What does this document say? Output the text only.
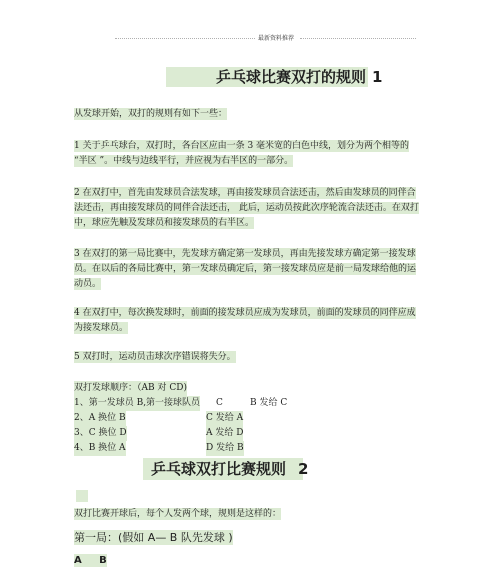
最新资料推荐
乒乓球比赛双打的规则 1
从发球开始，双打的规则有如下一些：
1 关于乒乓球台，双打时，各台区应由一条 3 毫米宽的白色中线，划分为两个相等的 “半区 ”。中线与边线平行，并应视为右半区的一部分。
2 在双打中，首先由发球员合法发球，再由接发球员合法还击，然后由发球员的同伴合法还击，再由接发球员的同伴合法还击， 此后，运动员按此次序轮流合法还击。在双打中，球应先触及发球员和接发球员的右半区。
3 在双打的第一局比赛中，先发球方确定第一发球员，再由先接发球方确定第一接发球员。在以后的各局比赛中，第一发球员确定后，第一接发球员应是前一局发球给他的运动员。
4 在双打中，每次换发球时，前面的接发球员应成为发球员，前面的发球员的同伴应成为接发球员。
5 双打时，运动员击球次序错误将失分。
双打发球顺序：（AB 对 CD)
1、第一发球员 B,第一接球队员 C	B 发给 C
2、A 换位 B	C 发给 A
3、C 换位 D	A 发给 D
4、B 换位 A	D 发给 B
乒乓球双打比赛规则 2
双打比赛开球后，每个人发两个球，规则是这样的：
第一局：(假如 A— B 队先发球 )
A     B
